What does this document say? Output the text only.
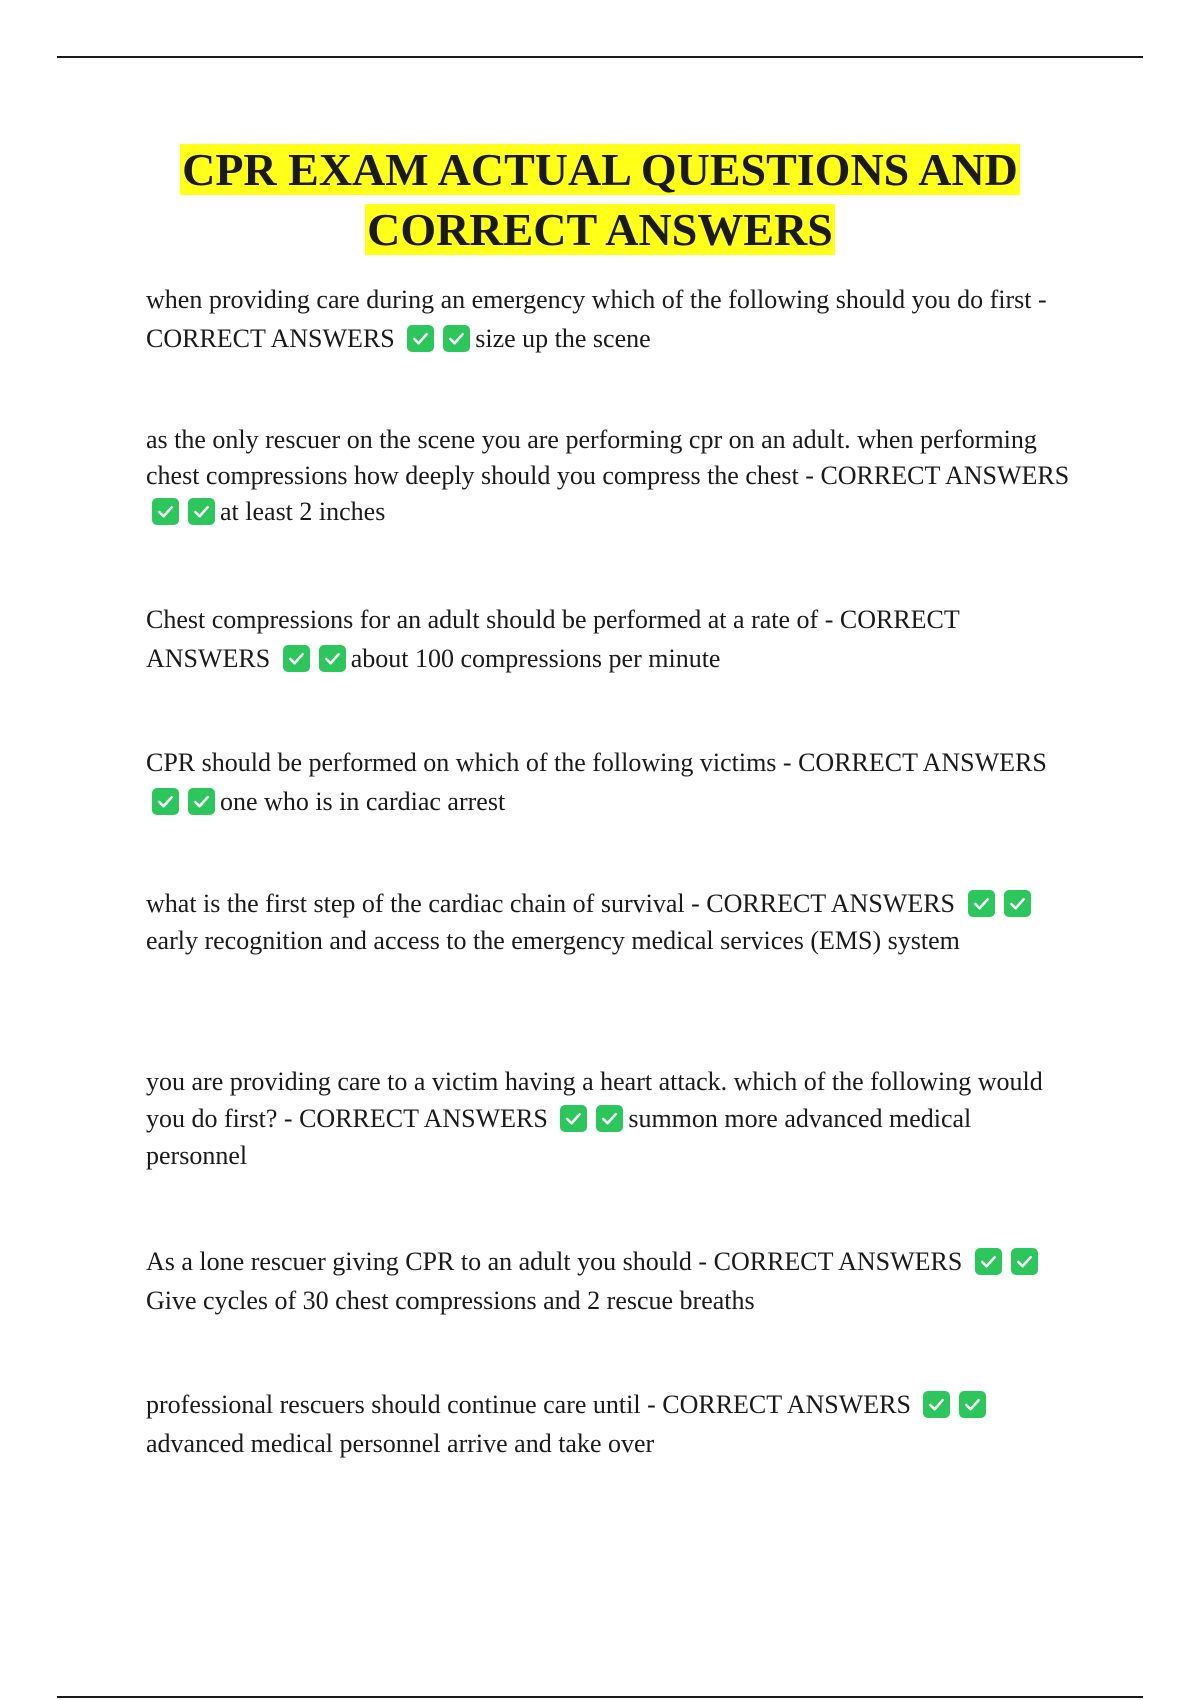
CPR EXAM ACTUAL QUESTIONS AND
CORRECT ANSWERS

when providing care during an emergency which of the following should you do first - CORRECT ANSWERS	size up the scene

as the only rescuer on the scene you are performing cpr on an adult. when performing chest compressions how deeply should you compress the chest - CORRECT ANSWERS
at least 2 inches

Chest compressions for an adult should be performed at a rate of - CORRECT ANSWERS	about 100 compressions per minute

CPR should be performed on which of the following victims - CORRECT ANSWERS
one who is in cardiac arrest

what is the first step of the cardiac chain of survival - CORRECT ANSWERS
early recognition and access to the emergency medical services (EMS) system

you are providing care to a victim having a heart attack. which of the following would you do first? - CORRECT ANSWERS	summon more advanced medical personnel

As a lone rescuer giving CPR to an adult you should - CORRECT ANSWERS
Give cycles of 30 chest compressions and 2 rescue breaths

professional rescuers should continue care until - CORRECT ANSWERS
advanced medical personnel arrive and take over
